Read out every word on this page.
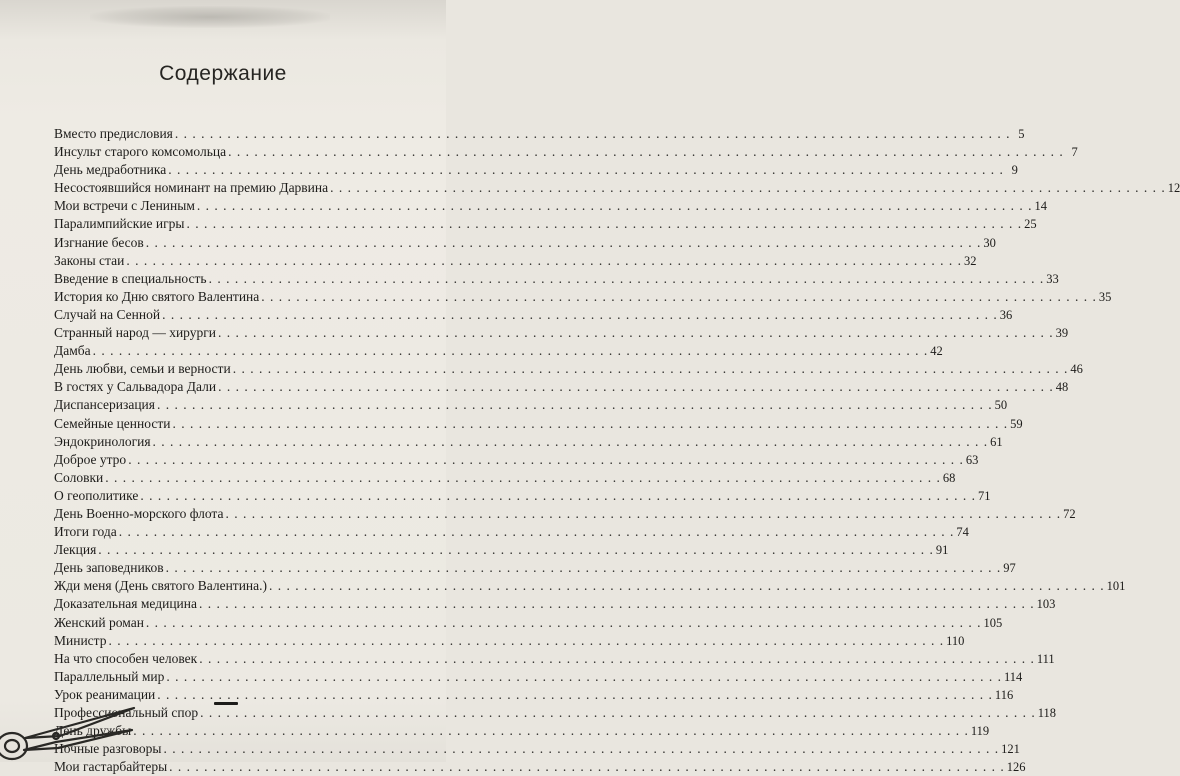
Содержание
Вместо предисловия . . .	5
Инсульт старого комсомольца . . .	7
День медработника . . .	9
Несостоявшийся номинант на премию Дарвина . . .	12
Мои встречи с Лениным . . .	14
Паралимпийские игры . . .	25
Изгнание бесов . . .	30
Законы стаи . . .	32
Введение в специальность . . .	33
История ко Дню святого Валентина . . .	35
Случай на Сенной . . .	36
Странный народ — хирурги . . .	39
Дамба . . .	42
День любви, семьи и верности . . .	46
В гостях у Сальвадора Дали . . .	48
Диспансеризация . . .	50
Семейные ценности . . .	59
Эндокринология . . .	61
Доброе утро . . .	63
Соловки . . .	68
О геополитике . . .	71
День Военно-морского флота . . .	72
Итоги года . . .	74
Лекция . . .	91
День заповедников . . .	97
Жди меня (День святого Валентина.) . . .	101
Доказательная медицина . . .	103
Женский роман . . .	105
Министр . . .	110
На что способен человек . . .	111
Параллельный мир . . .	114
Урок реанимации . . .	116
Профессиональный спор . . .	118
День дружбы . . .	119
Ночные разговоры . . .	121
Мои гастарбайтеры . . .	126
